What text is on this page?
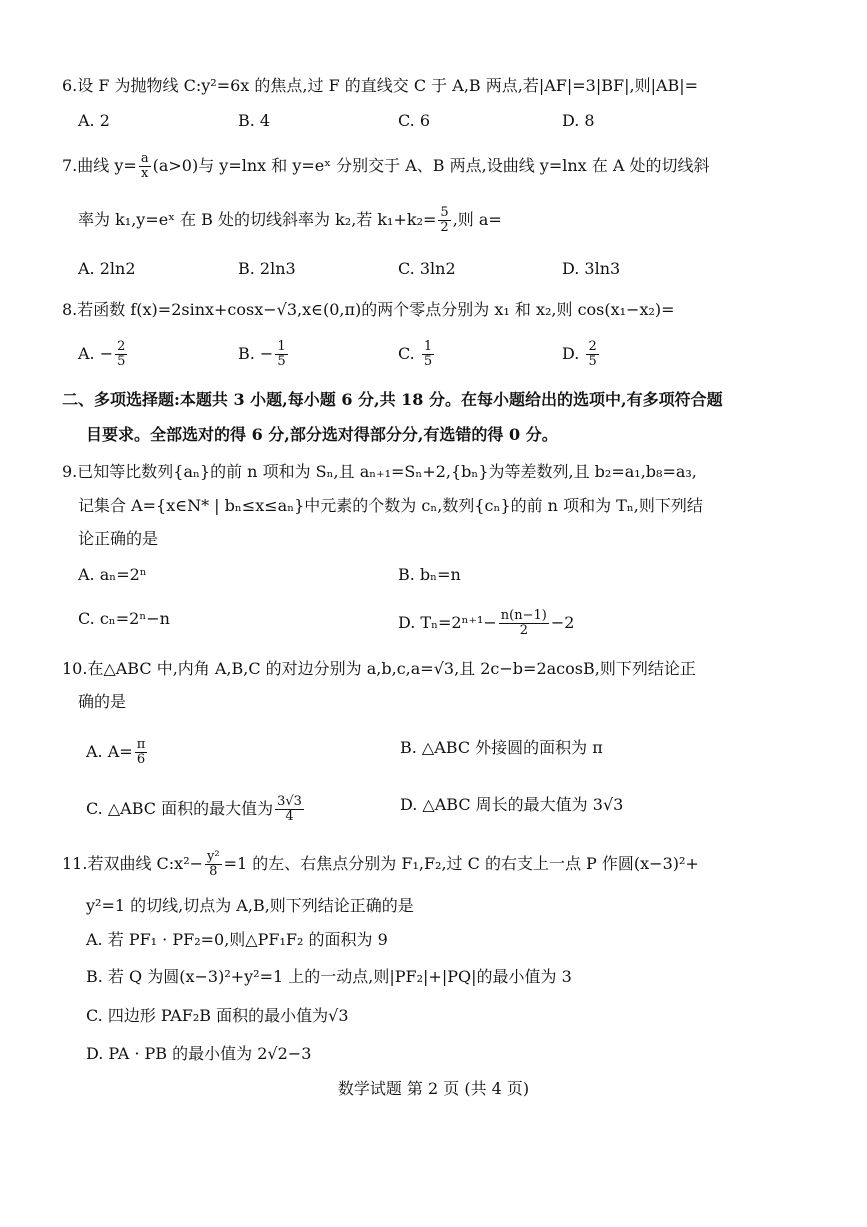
6.设 F 为抛物线 C:y²=6x 的焦点,过 F 的直线交 C 于 A,B 两点,若|AF|=3|BF|,则|AB|=
A. 2	B. 4	C. 6	D. 8
7.曲线 $y= \frac{a}{x} (a>0)$与 y=lnx 和 y=eˣ 分别交于 A、B 两点,设曲线 y=lnx 在 A 处的切线斜
率为 k₁,y=eˣ 在 B 处的切线斜率为 k₂,若 $k_1+k_2= \frac{5}{2}$ ,则 a=
A. 2ln2	B. 2ln3	C. 3ln2	D. 3ln3
8.若函数 f(x)=2sinx+cosx−√3,x∈(0,π)的两个零点分别为 x₁ 和 x₂,则 cos(x₁−x₂)=
A. − $\frac{2}{5}$	B. − $\frac{1}{5}$	C. $\frac{1}{5}$	D. $\frac{2}{5}$
二、多项选择题:本题共 3 小题,每小题 6 分,共 18 分。在每小题给出的选项中,有多项符合题
目要求。全部选对的得 6 分,部分选对得部分分,有选错的得 0 分。
9.已知等比数列{aₙ}的前 n 项和为 Sₙ,且 aₙ₊₁=Sₙ+2,{bₙ}为等差数列,且 b₂=a₁,b₈=a₃,
记集合 A={x∈N* | bₙ≤x≤aₙ}中元素的个数为 cₙ,数列{cₙ}的前 n 项和为 Tₙ,则下列结
论正确的是
A. aₙ=2ⁿ	B. bₙ=n
C. cₙ=2ⁿ−n	D. $T_n=2^{n+1}- \frac{n(n-1)}{2} -2$
10.在△ABC 中,内角 A,B,C 的对边分别为 a,b,c,a=√3,且 2c−b=2acosB,则下列结论正
确的是
A. $A= \frac{\pi}{6}$	B. △ABC 外接圆的面积为 π
C. △ABC 面积的最大值为 $\frac{3√3}{4}$	D. △ABC 周长的最大值为 3√3
11.若双曲线 C:x²− $\frac{\text{y²}}{8} =1$ 的左、右焦点分别为 F₁,F₂,过 C 的右支上一点 P 作圆(x−3)²+
y²=1 的切线,切点为 A,B,则下列结论正确的是
A. 若 PF₁ · PF₂=0,则△PF₁F₂ 的面积为 9
B. 若 Q 为圆(x−3)²+y²=1 上的一动点,则|PF₂|+|PQ|的最小值为 3
C. 四边形 PAF₂B 面积的最小值为√3
D. PA · PB 的最小值为 2√2−3
数学试题 第 2 页 (共 4 页)
